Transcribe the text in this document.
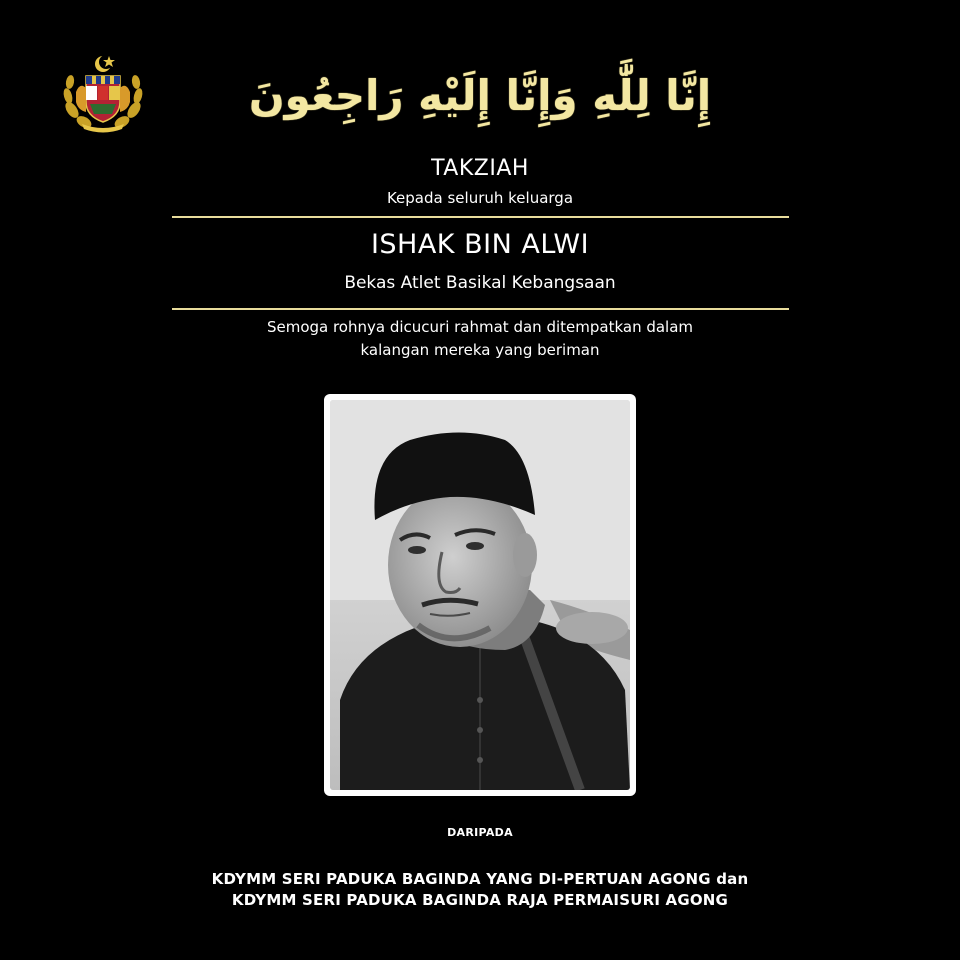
إِنَّا لِلَّٰهِ وَإِنَّا إِلَيْهِ رَاجِعُونَ
TAKZIAH
Kepada seluruh keluarga
ISHAK BIN ALWI
Bekas Atlet Basikal Kebangsaan
Semoga rohnya dicucuri rahmat dan ditempatkan dalam
kalangan mereka yang beriman
DARIPADA
KDYMM SERI PADUKA BAGINDA YANG DI-PERTUAN AGONG dan
KDYMM SERI PADUKA BAGINDA RAJA PERMAISURI AGONG
